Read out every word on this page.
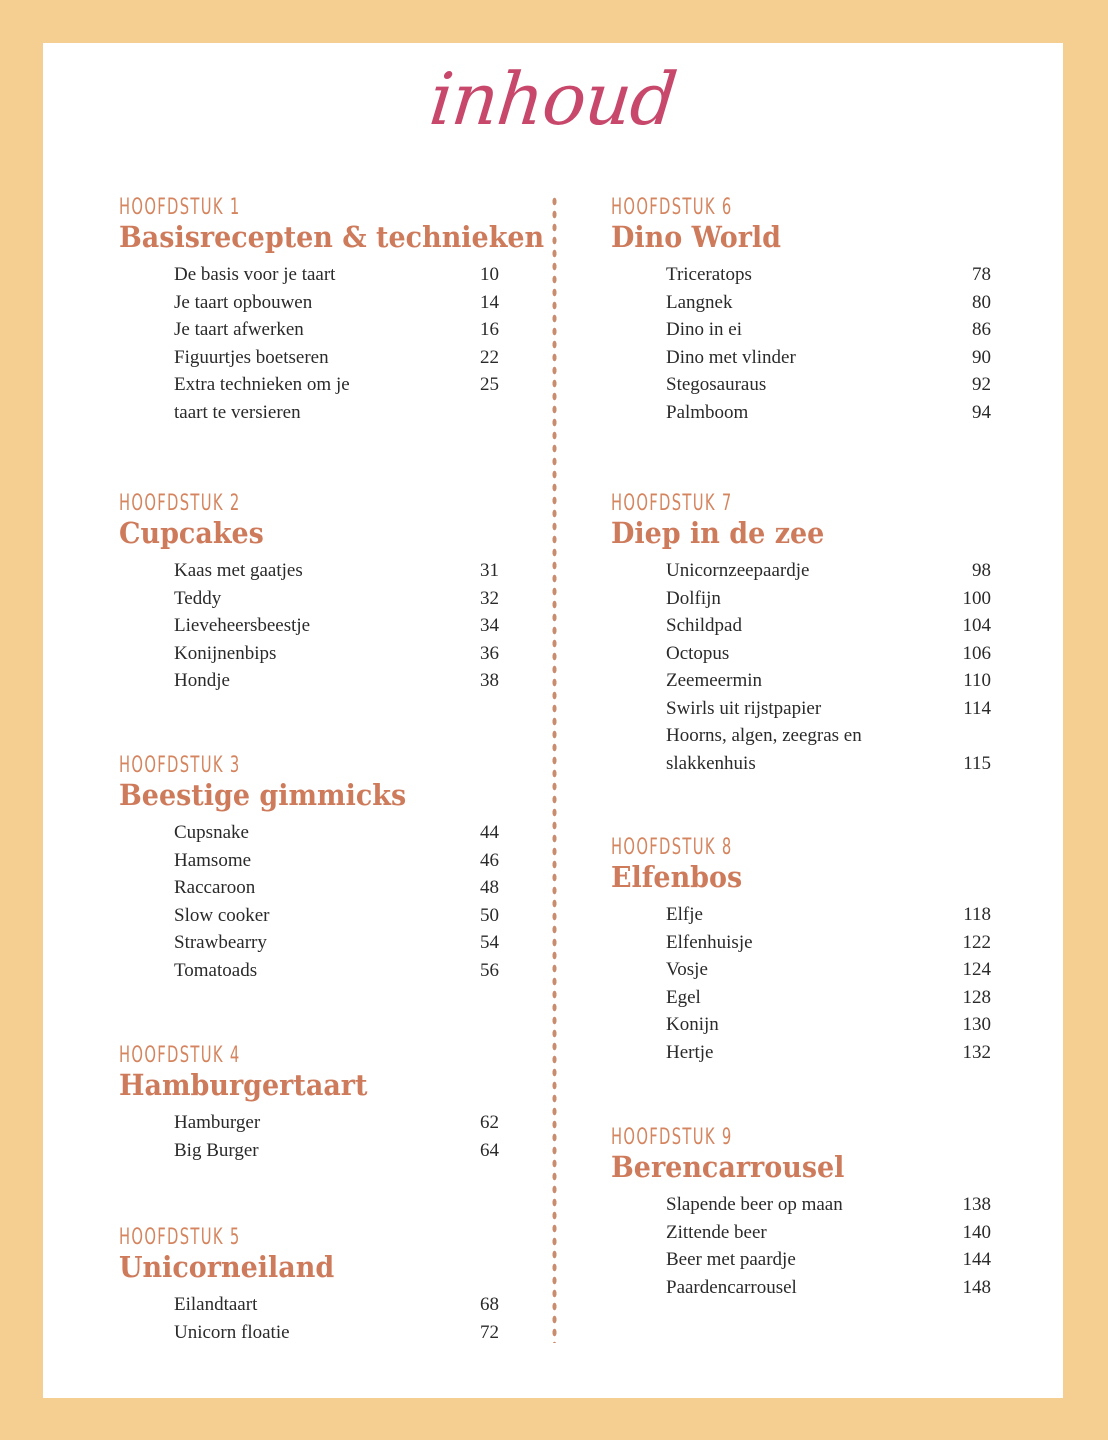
inhoud
HOOFDSTUK 1
Basisrecepten & technieken
De basis voor je taart	10
Je taart opbouwen	14
Je taart afwerken	16
Figuurtjes boetseren	22
Extra technieken om je	25
taart te versieren
HOOFDSTUK 2
Cupcakes
Kaas met gaatjes	31
Teddy	32
Lieveheersbeestje	34
Konijnenbips	36
Hondje	38
HOOFDSTUK 3
Beestige gimmicks
Cupsnake	44
Hamsome	46
Raccaroon	48
Slow cooker	50
Strawbearry	54
Tomatoads	56
HOOFDSTUK 4
Hamburgertaart
Hamburger	62
Big Burger	64
HOOFDSTUK 5
Unicorneiland
Eilandtaart	68
Unicorn floatie	72
HOOFDSTUK 6
Dino World
Triceratops	78
Langnek	80
Dino in ei	86
Dino met vlinder	90
Stegosauraus	92
Palmboom	94
HOOFDSTUK 7
Diep in de zee
Unicornzeepaardje	98
Dolfijn	100
Schildpad	104
Octopus	106
Zeemeermin	110
Swirls uit rijstpapier	114
Hoorns, algen, zeegras en
slakkenhuis	115
HOOFDSTUK 8
Elfenbos
Elfje	118
Elfenhuisje	122
Vosje	124
Egel	128
Konijn	130
Hertje	132
HOOFDSTUK 9
Berencarrousel
Slapende beer op maan	138
Zittende beer	140
Beer met paardje	144
Paardencarrousel	148
